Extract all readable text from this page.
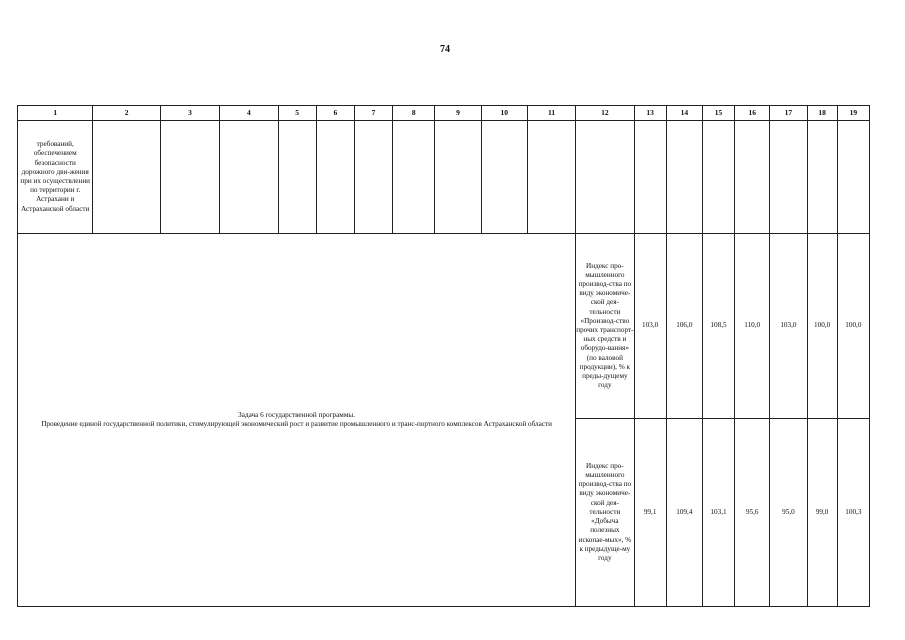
74
1	2	3	4	5	6	7	8	9	10	11	12	13	14	15	16	17	18	19
требований, обеспечением безопасности дорожного дви-жения при их осуществлении по территории г. Астрахани и Астраханской области																		

Задача 6 государственной программы.
Проведение единой государственной политики, стимулирующей экономический рост и развитие промышленного и транс-портного комплексов Астраханской области											Индекс про-мышленного производ-ства по виду экономиче-ской дея-тельности «Производ-ство прочих транспорт-ных средств и оборудо-вания» (по валовой продукции), % к преды-дущему году	103,0	106,0	108,5	110,0	103,0	100,0	100,0
											Индекс про-мышленного производ-ства по виду экономиче-ской дея-тельности «Добыча полезных ископае-мых», % к предыдуще-му году	99,1	109,4	103,1	95,6	95,0	99,0	100,3
